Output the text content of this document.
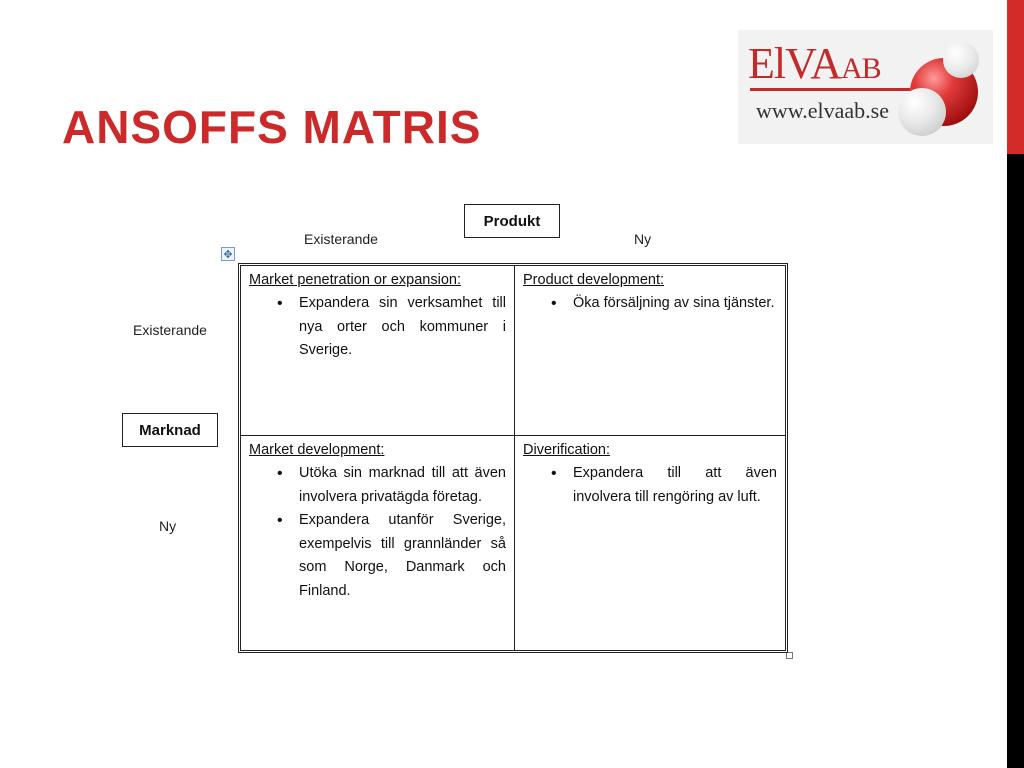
ANSOFFS MATRIS
ElVAAB
www.elvaab.se
Produkt
Existerande	Ny
Existerande
Marknad
Ny
✥
Market penetration or expansion:
• Expandera sin verksamhet till nya orter och kommuner i Sverige.
Product development:
• Öka försäljning av sina tjänster.
Market development:
• Utöka sin marknad till att även involvera privatägda företag.
• Expandera utanför Sverige, exempelvis till grannländer så som Norge, Danmark och Finland.
Diverification:
• Expandera till att även involvera till rengöring av luft.
